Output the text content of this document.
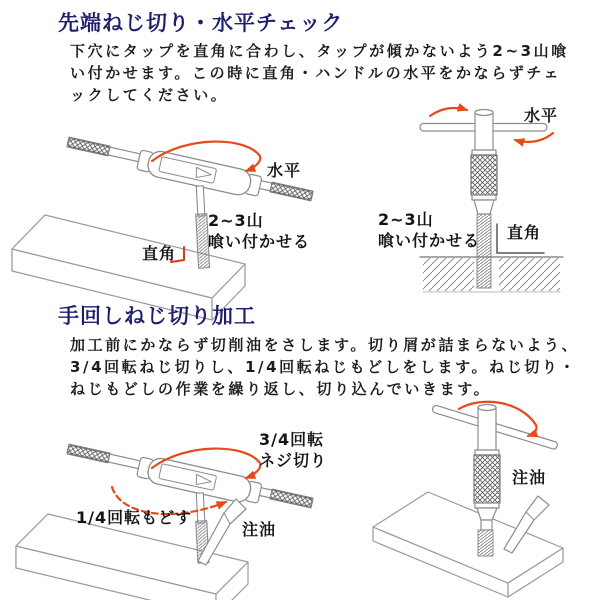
先端ねじ切り・水平チェック
下穴にタップを直角に合わし、タップが傾かないよう2~3山喰
い付かせます。この時に直角・ハンドルの水平をかならずチェ
ックしてください。
手回しねじ切り加工
加工前にかならず切削油をさします。切り屑が詰まらないよう、
3/4回転ねじ切りし、1/4回転ねじもどしをします。ねじ切り・
ねじもどしの作業を繰り返し、切り込んでいきます。
水平
2~3山
喰い付かせる
直角
水平
2~3山
喰い付かせる 直角
3/4回転
ネジ切り
1/4回転もどす
注油
注油
